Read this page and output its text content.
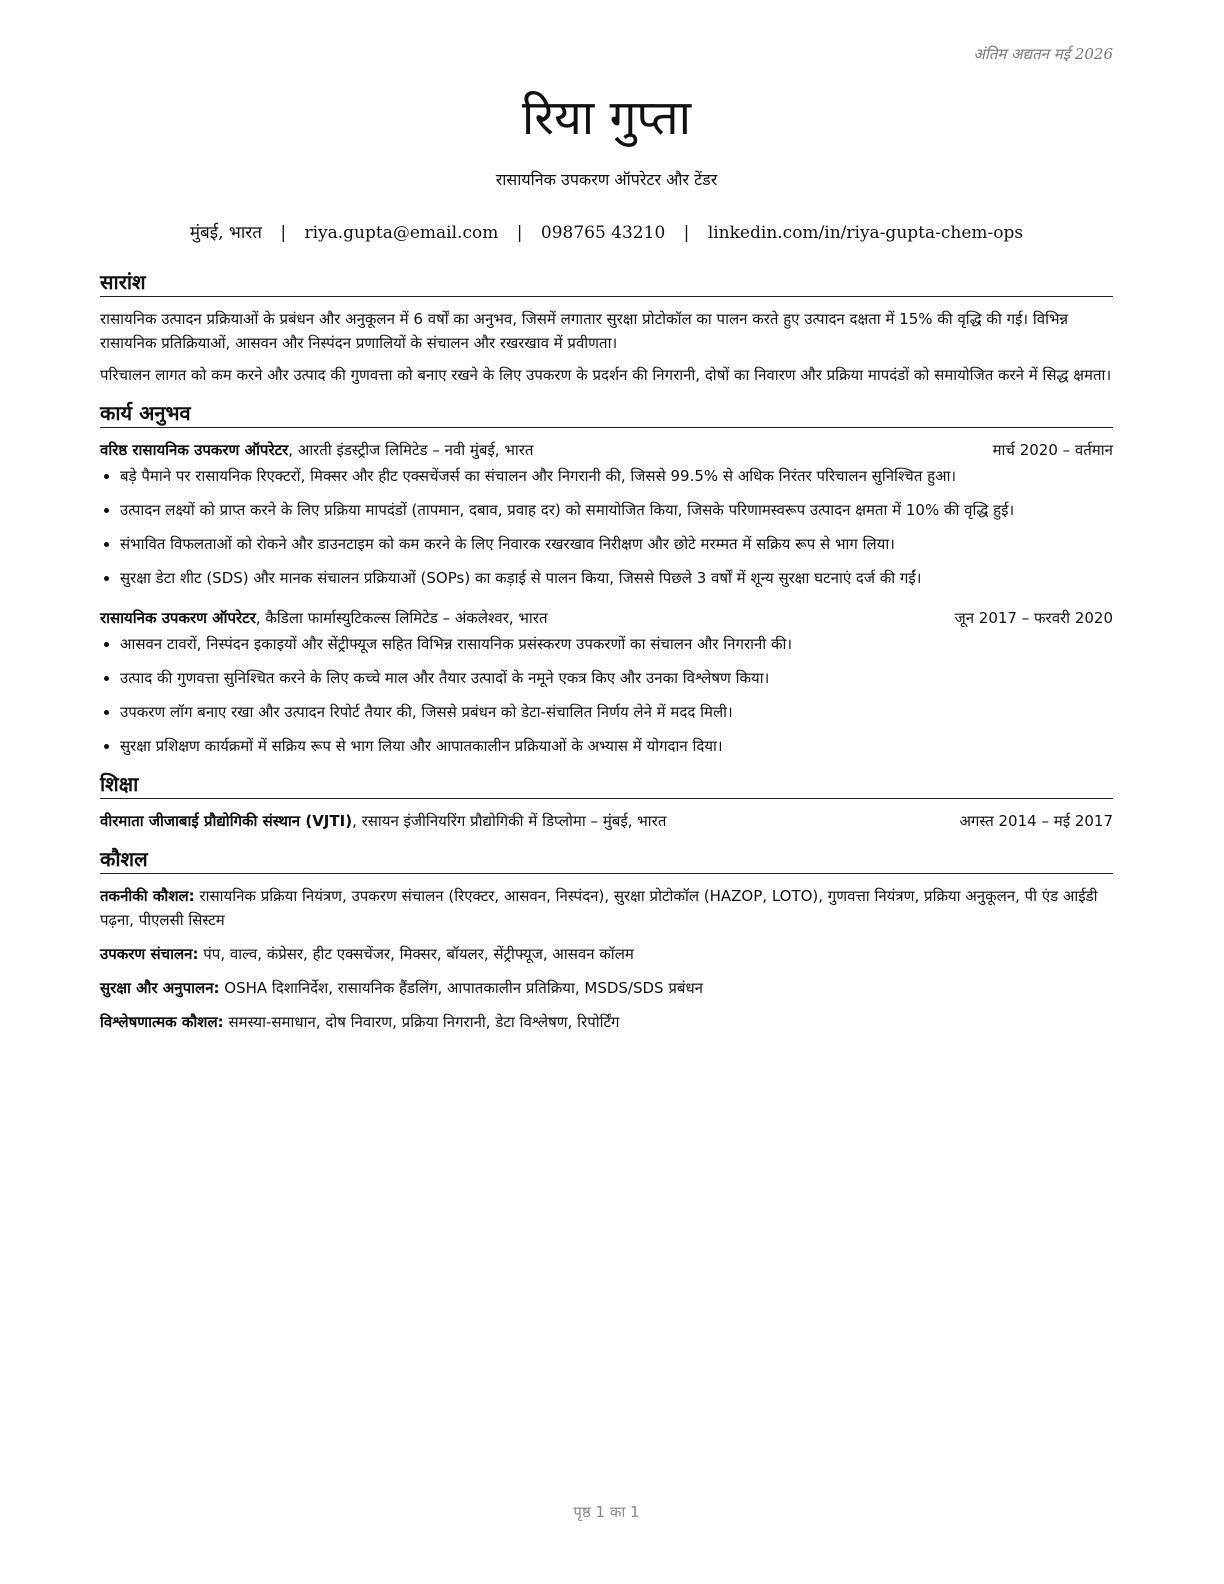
अंतिम अद्यतन मई 2026
रिया गुप्ता
रासायनिक उपकरण ऑपरेटर और टेंडर
मुंबई, भारत | riya.gupta@email.com | 098765 43210 | linkedin.com/in/riya-gupta-chem-ops
सारांश

रासायनिक उत्पादन प्रक्रियाओं के प्रबंधन और अनुकूलन में 6 वर्षों का अनुभव, जिसमें लगातार सुरक्षा प्रोटोकॉल का पालन करते हुए उत्पादन दक्षता में 15% की वृद्धि की गई। विभिन्न रासायनिक प्रतिक्रियाओं, आसवन और निस्पंदन प्रणालियों के संचालन और रखरखाव में प्रवीणता।

परिचालन लागत को कम करने और उत्पाद की गुणवत्ता को बनाए रखने के लिए उपकरण के प्रदर्शन की निगरानी, दोषों का निवारण और प्रक्रिया मापदंडों को समायोजित करने में सिद्ध क्षमता।

कार्य अनुभव
वरिष्ठ रासायनिक उपकरण ऑपरेटर, आरती इंडस्ट्रीज लिमिटेड – नवी मुंबई, भारत	मार्च 2020 – वर्तमान
• बड़े पैमाने पर रासायनिक रिएक्टरों, मिक्सर और हीट एक्सचेंजर्स का संचालन और निगरानी की, जिससे 99.5% से अधिक निरंतर परिचालन सुनिश्चित हुआ।
• उत्पादन लक्ष्यों को प्राप्त करने के लिए प्रक्रिया मापदंडों (तापमान, दबाव, प्रवाह दर) को समायोजित किया, जिसके परिणामस्वरूप उत्पादन क्षमता में 10% की वृद्धि हुई।
• संभावित विफलताओं को रोकने और डाउनटाइम को कम करने के लिए निवारक रखरखाव निरीक्षण और छोटे मरम्मत में सक्रिय रूप से भाग लिया।
• सुरक्षा डेटा शीट (SDS) और मानक संचालन प्रक्रियाओं (SOPs) का कड़ाई से पालन किया, जिससे पिछले 3 वर्षों में शून्य सुरक्षा घटनाएं दर्ज की गईं।
रासायनिक उपकरण ऑपरेटर, कैडिला फार्मास्युटिकल्स लिमिटेड – अंकलेश्वर, भारत	जून 2017 – फरवरी 2020
• आसवन टावरों, निस्पंदन इकाइयों और सेंट्रीफ्यूज सहित विभिन्न रासायनिक प्रसंस्करण उपकरणों का संचालन और निगरानी की।
• उत्पाद की गुणवत्ता सुनिश्चित करने के लिए कच्चे माल और तैयार उत्पादों के नमूने एकत्र किए और उनका विश्लेषण किया।
• उपकरण लॉग बनाए रखा और उत्पादन रिपोर्ट तैयार की, जिससे प्रबंधन को डेटा-संचालित निर्णय लेने में मदद मिली।
• सुरक्षा प्रशिक्षण कार्यक्रमों में सक्रिय रूप से भाग लिया और आपातकालीन प्रक्रियाओं के अभ्यास में योगदान दिया।
शिक्षा
वीरमाता जीजाबाई प्रौद्योगिकी संस्थान (VJTI), रसायन इंजीनियरिंग प्रौद्योगिकी में डिप्लोमा – मुंबई, भारत	अगस्त 2014 – मई 2017
कौशल

तकनीकी कौशल: रासायनिक प्रक्रिया नियंत्रण, उपकरण संचालन (रिएक्टर, आसवन, निस्पंदन), सुरक्षा प्रोटोकॉल (HAZOP, LOTO), गुणवत्ता नियंत्रण, प्रक्रिया अनुकूलन, पी एंड आईडी पढ़ना, पीएलसी सिस्टम

उपकरण संचालन: पंप, वाल्व, कंप्रेसर, हीट एक्सचेंजर, मिक्सर, बॉयलर, सेंट्रीफ्यूज, आसवन कॉलम

सुरक्षा और अनुपालन: OSHA दिशानिर्देश, रासायनिक हैंडलिंग, आपातकालीन प्रतिक्रिया, MSDS/SDS प्रबंधन

विश्लेषणात्मक कौशल: समस्या-समाधान, दोष निवारण, प्रक्रिया निगरानी, डेटा विश्लेषण, रिपोर्टिंग

पृष्ठ 1 का 1
